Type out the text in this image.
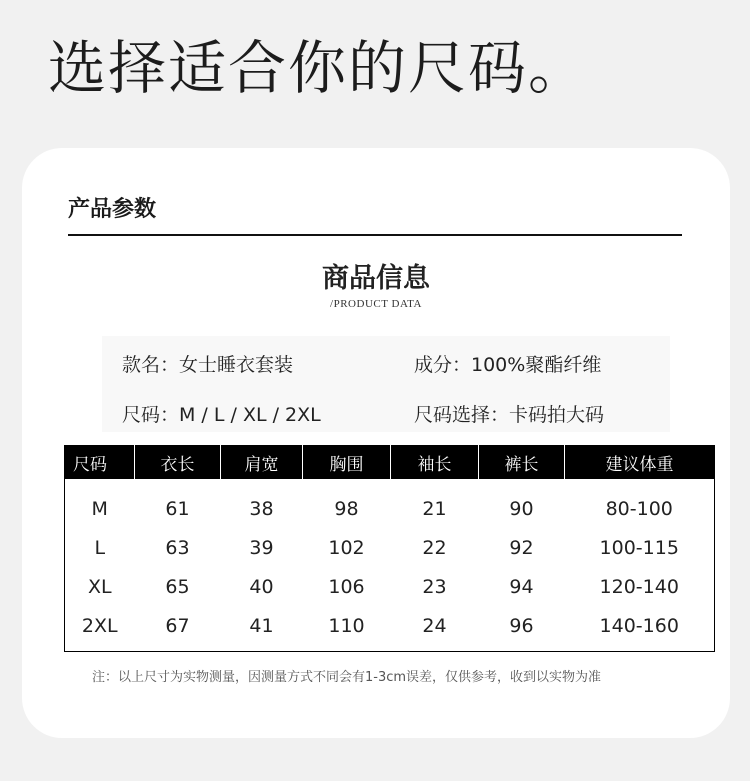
选择适合你的尺码。
产品参数
商品信息
/PRODUCT DATA
款名：女士睡衣套装	成分：100%聚酯纤维
尺码：M / L / XL / 2XL	尺码选择：卡码拍大码
尺码	衣长	肩宽	胸围	袖长	裤长	建议体重
M	61	38	98	21	90	80-100
L	63	39	102	22	92	100-115
XL	65	40	106	23	94	120-140
2XL	67	41	110	24	96	140-160

注：以上尺寸为实物测量，因测量方式不同会有1-3cm误差，仅供参考，收到以实物为准
